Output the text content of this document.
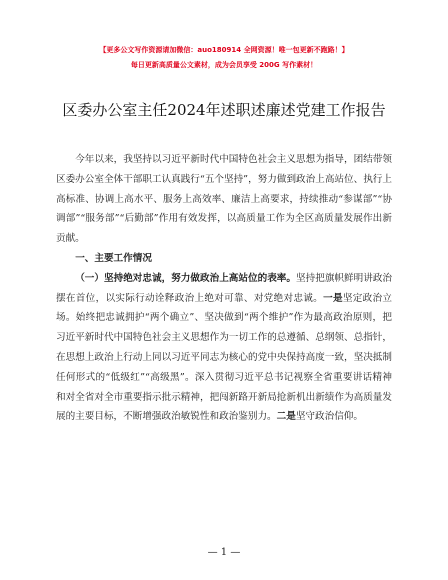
【更多公文写作资源请加微信：auo180914 全网资源！唯一包更新不跑路！】
每日更新高质量公文素材，成为会员享受 200G 写作素材！
区委办公室主任2024年述职述廉述党建工作报告

今年以来，我坚持以习近平新时代中国特色社会主义思想为指导，团结带领区委办公室全体干部职工认真践行“五个坚持”，努力做到政治上高站位、执行上高标准、协调上高水平、服务上高效率、廉洁上高要求，持续推动“参谋部”“协调部”“服务部”“后勤部”作用有效发挥，以高质量工作为全区高质量发展作出新贡献。

一、主要工作情况

（一）坚持绝对忠诚，努力做政治上高站位的表率。坚持把旗帜鲜明讲政治摆在首位，以实际行动诠释政治上绝对可靠、对党绝对忠诚。一是坚定政治立场。始终把忠诚拥护“两个确立”、坚决做到“两个维护”作为最高政治原则，把习近平新时代中国特色社会主义思想作为一切工作的总遵循、总纲领、总指针，在思想上政治上行动上同以习近平同志为核心的党中央保持高度一致，坚决抵制任何形式的“低级红”“高级黑”。深入贯彻习近平总书记视察全省重要讲话精神和对全省对全市重要指示批示精神，把闯新路开新局抢新机出新绩作为高质量发展的主要目标，不断增强政治敏锐性和政治鉴别力。二是坚守政治信仰。

— 1 —
